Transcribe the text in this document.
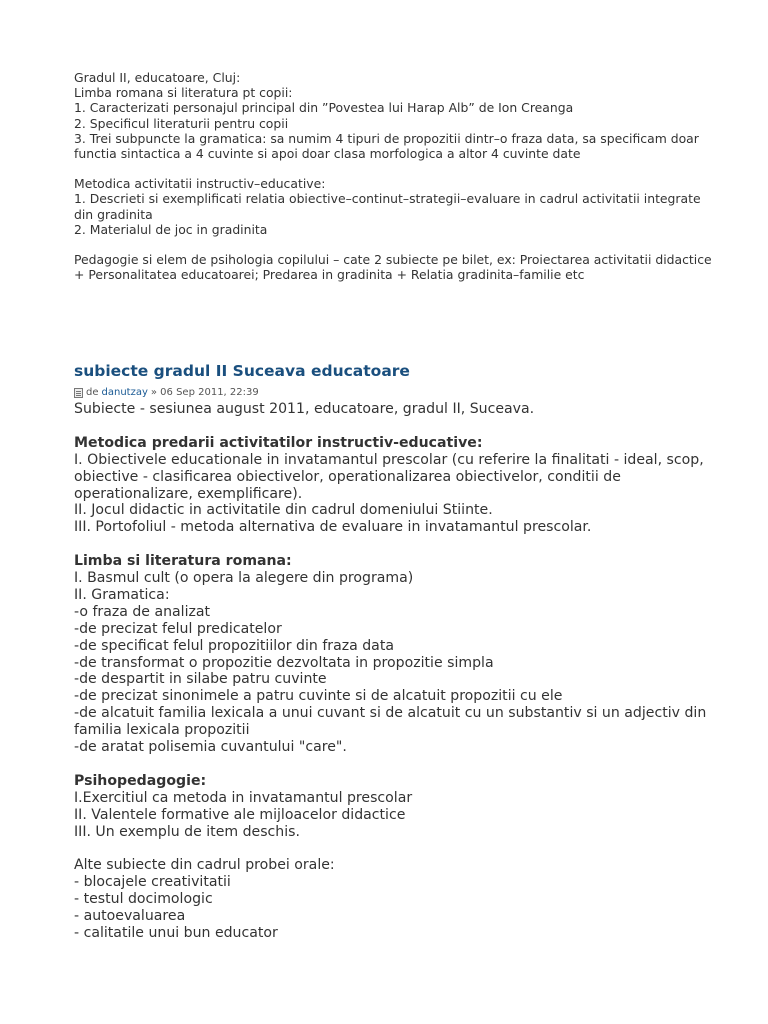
Gradul II, educatoare, Cluj:

Limba romana si literatura pt copii:

1. Caracterizati personajul principal din ”Povestea lui Harap Alb” de Ion Creanga

2. Specificul literaturii pentru copii

3. Trei subpuncte la gramatica: sa numim 4 tipuri de propozitii dintr–o fraza data, sa specificam doar functia sintactica a 4 cuvinte si apoi doar clasa morfologica a altor 4 cuvinte date

Metodica activitatii instructiv–educative:

1. Descrieti si exemplificati relatia obiective–continut–strategii–evaluare in cadrul activitatii integrate din gradinita

2. Materialul de joc in gradinita

Pedagogie si elem de psihologia copilului – cate 2 subiecte pe bilet, ex: Proiectarea activitatii didactice + Personalitatea educatoarei; Predarea in gradinita + Relatia gradinita–familie etc

subiecte gradul II Suceava educatoare
de danutzay » 06 Sep 2011, 22:39

Subiecte - sesiunea august 2011, educatoare, gradul II, Suceava.

Metodica predarii activitatilor instructiv-educative:

I. Obiectivele educationale in invatamantul prescolar (cu referire la finalitati - ideal, scop, obiective - clasificarea obiectivelor, operationalizarea obiectivelor, conditii de operationalizare, exemplificare).

II. Jocul didactic in activitatile din cadrul domeniului Stiinte.

III. Portofoliul - metoda alternativa de evaluare in invatamantul prescolar.

Limba si literatura romana:

I. Basmul cult (o opera la alegere din programa)

II. Gramatica:

-o fraza de analizat

-de precizat felul predicatelor

-de specificat felul propozitiilor din fraza data

-de transformat o propozitie dezvoltata in propozitie simpla

-de despartit in silabe patru cuvinte

-de precizat sinonimele a patru cuvinte si de alcatuit propozitii cu ele

-de alcatuit familia lexicala a unui cuvant si de alcatuit cu un substantiv si un adjectiv din familia lexicala propozitii

-de aratat polisemia cuvantului "care".

Psihopedagogie:

I.Exercitiul ca metoda in invatamantul prescolar

II. Valentele formative ale mijloacelor didactice

III. Un exemplu de item deschis.

Alte subiecte din cadrul probei orale:

- blocajele creativitatii

- testul docimologic

- autoevaluarea

- calitatile unui bun educator
